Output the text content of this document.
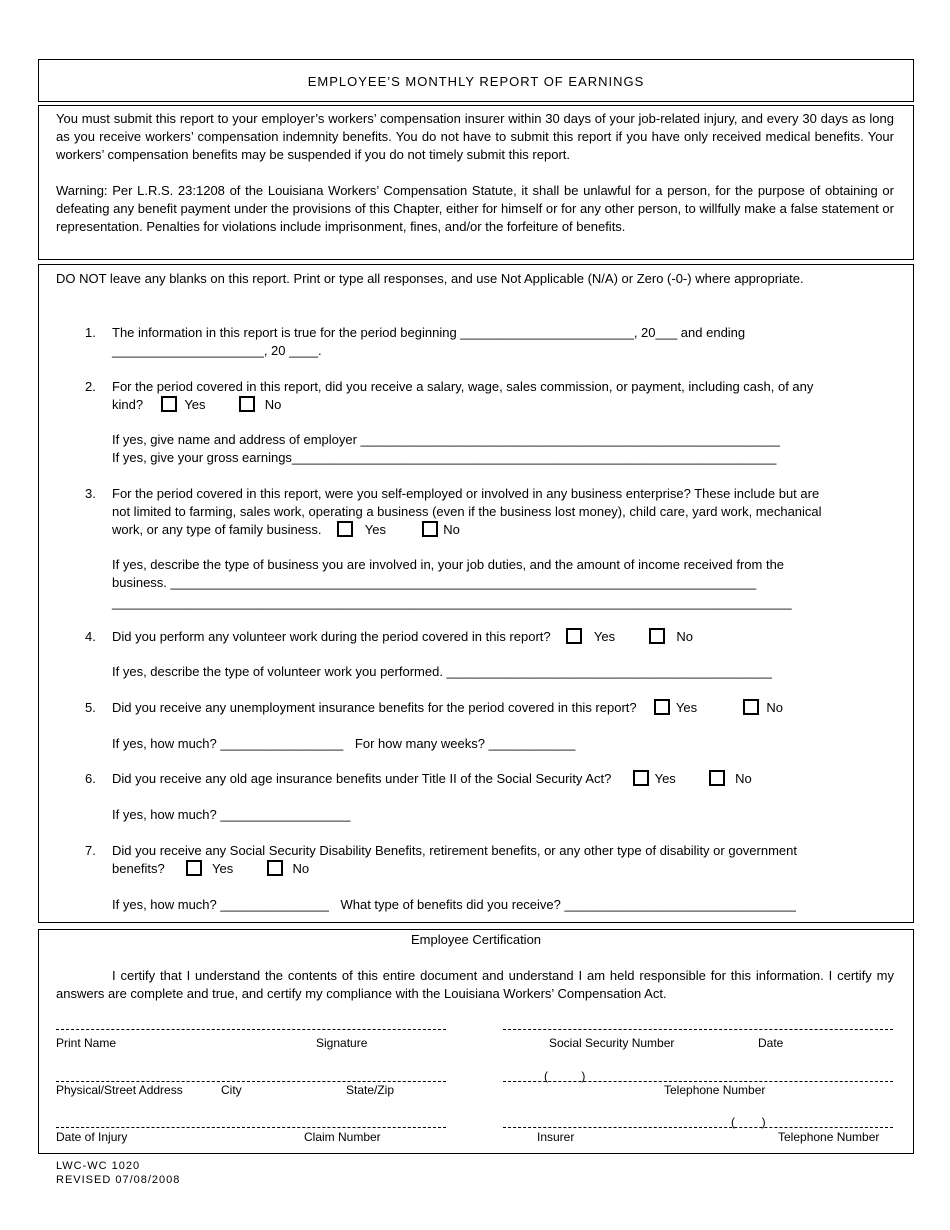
EMPLOYEE’S MONTHLY REPORT OF EARNINGS

You must submit this report to your employer’s workers’ compensation insurer within 30 days of your job-related injury, and every 30 days as long as you receive workers’ compensation indemnity benefits. You do not have to submit this report if you have only received medical benefits. Your workers’ compensation benefits may be suspended if you do not timely submit this report.

Warning: Per L.R.S. 23:1208 of the Louisiana Workers’ Compensation Statute, it shall be unlawful for a person, for the purpose of obtaining or defeating any benefit payment under the provisions of this Chapter, either for himself or for any other person, to willfully make a false statement or representation. Penalties for violations include imprisonment, fines, and/or the forfeiture of benefits.

DO NOT leave any blanks on this report. Print or type all responses, and use Not Applicable (N/A) or Zero (-0-) where appropriate.

1. The information in this report is true for the period beginning ________________________, 20___ and ending
_____________________, 20 ____.
2. For the period covered in this report, did you receive a salary, wage, sales commission, or payment, including cash, of any
kind?	Yes	No
If yes, give name and address of employer __________________________________________________________
If yes, give your gross earnings___________________________________________________________________
3. For the period covered in this report, were you self-employed or involved in any business enterprise? These include but are
not limited to farming, sales work, operating a business (even if the business lost money), child care, yard work, mechanical
work, or any type of family business.	Yes	No
If yes, describe the type of business you are involved in, your job duties, and the amount of income received from the
business. _________________________________________________________________________________
______________________________________________________________________________________________
4. Did you perform any volunteer work during the period covered in this report?	Yes	No
If yes, describe the type of volunteer work you performed. _____________________________________________
5. Did you receive any unemployment insurance benefits for the period covered in this report?	Yes	No
If yes, how much? _________________ For how many weeks? ____________
6. Did you receive any old age insurance benefits under Title II of the Social Security Act?	Yes	No
If yes, how much? __________________
7. Did you receive any Social Security Disability Benefits, retirement benefits, or any other type of disability or government
benefits?	Yes	No
If yes, how much? _______________ What type of benefits did you receive? ________________________________
Employee Certification

I certify that I understand the contents of this entire document and understand I am held responsible for this information. I certify my answers are complete and true, and certify my compliance with the Louisiana Workers’ Compensation Act.

Print Name	Signature	Social Security Number	Date
(          )
Physical/Street Address	City	State/Zip	Telephone Number
(        )
Date of Injury	Claim Number	Insurer	Telephone Number
LWC-WC 1020
REVISED 07/08/2008
